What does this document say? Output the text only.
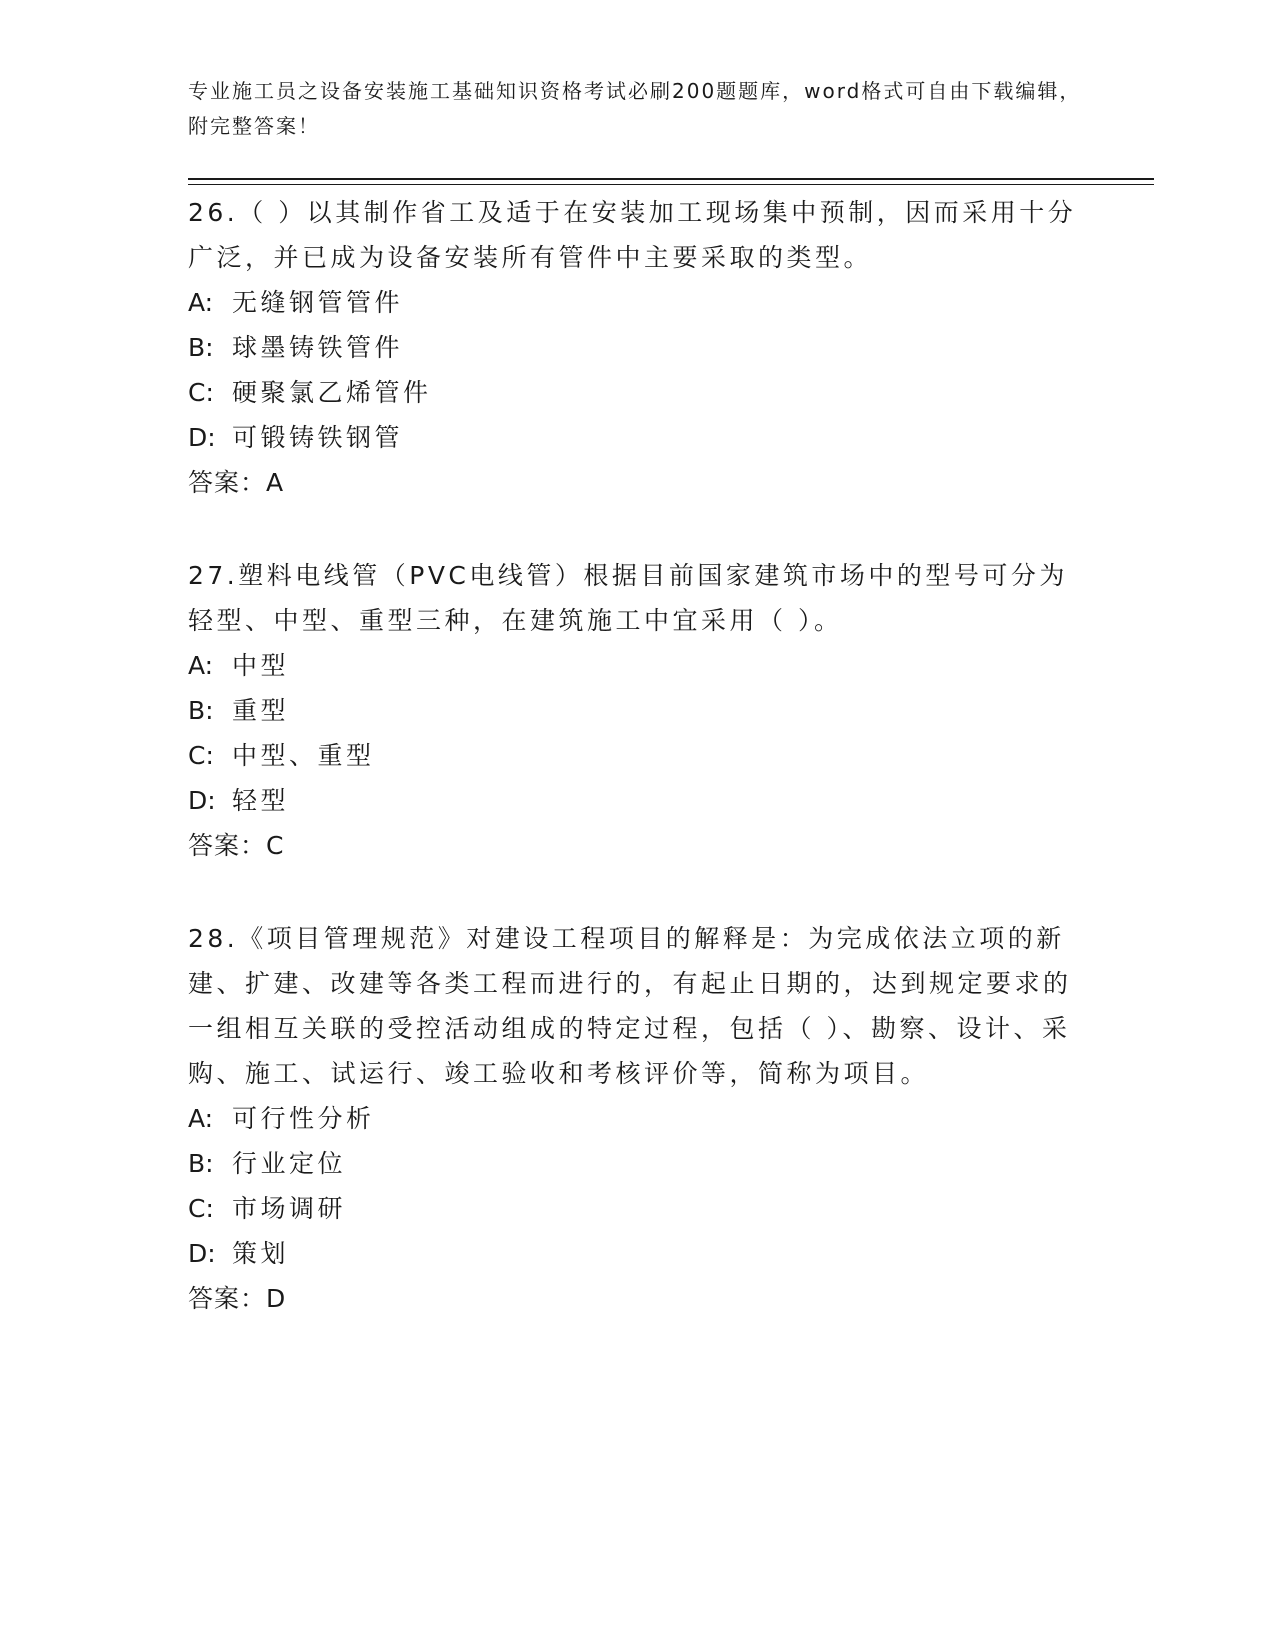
专业施工员之设备安装施工基础知识资格考试必刷200题题库，word格式可自由下载编辑，附完整答案！

26.（ ）以其制作省工及适于在安装加工现场集中预制，因而采用十分广泛，并已成为设备安装所有管件中主要采取的类型。

A: 无缝钢管管件

B: 球墨铸铁管件

C: 硬聚氯乙烯管件

D: 可锻铸铁钢管

答案：A

27.塑料电线管（PVC电线管）根据目前国家建筑市场中的型号可分为轻型、中型、重型三种，在建筑施工中宜采用（ ）。

A: 中型

B: 重型

C: 中型、重型

D: 轻型

答案：C

28.《项目管理规范》对建设工程项目的解释是：为完成依法立项的新建、扩建、改建等各类工程而进行的，有起止日期的，达到规定要求的一组相互关联的受控活动组成的特定过程，包括（ ）、勘察、设计、采购、施工、试运行、竣工验收和考核评价等，简称为项目。

A: 可行性分析

B: 行业定位

C: 市场调研

D: 策划

答案：D
